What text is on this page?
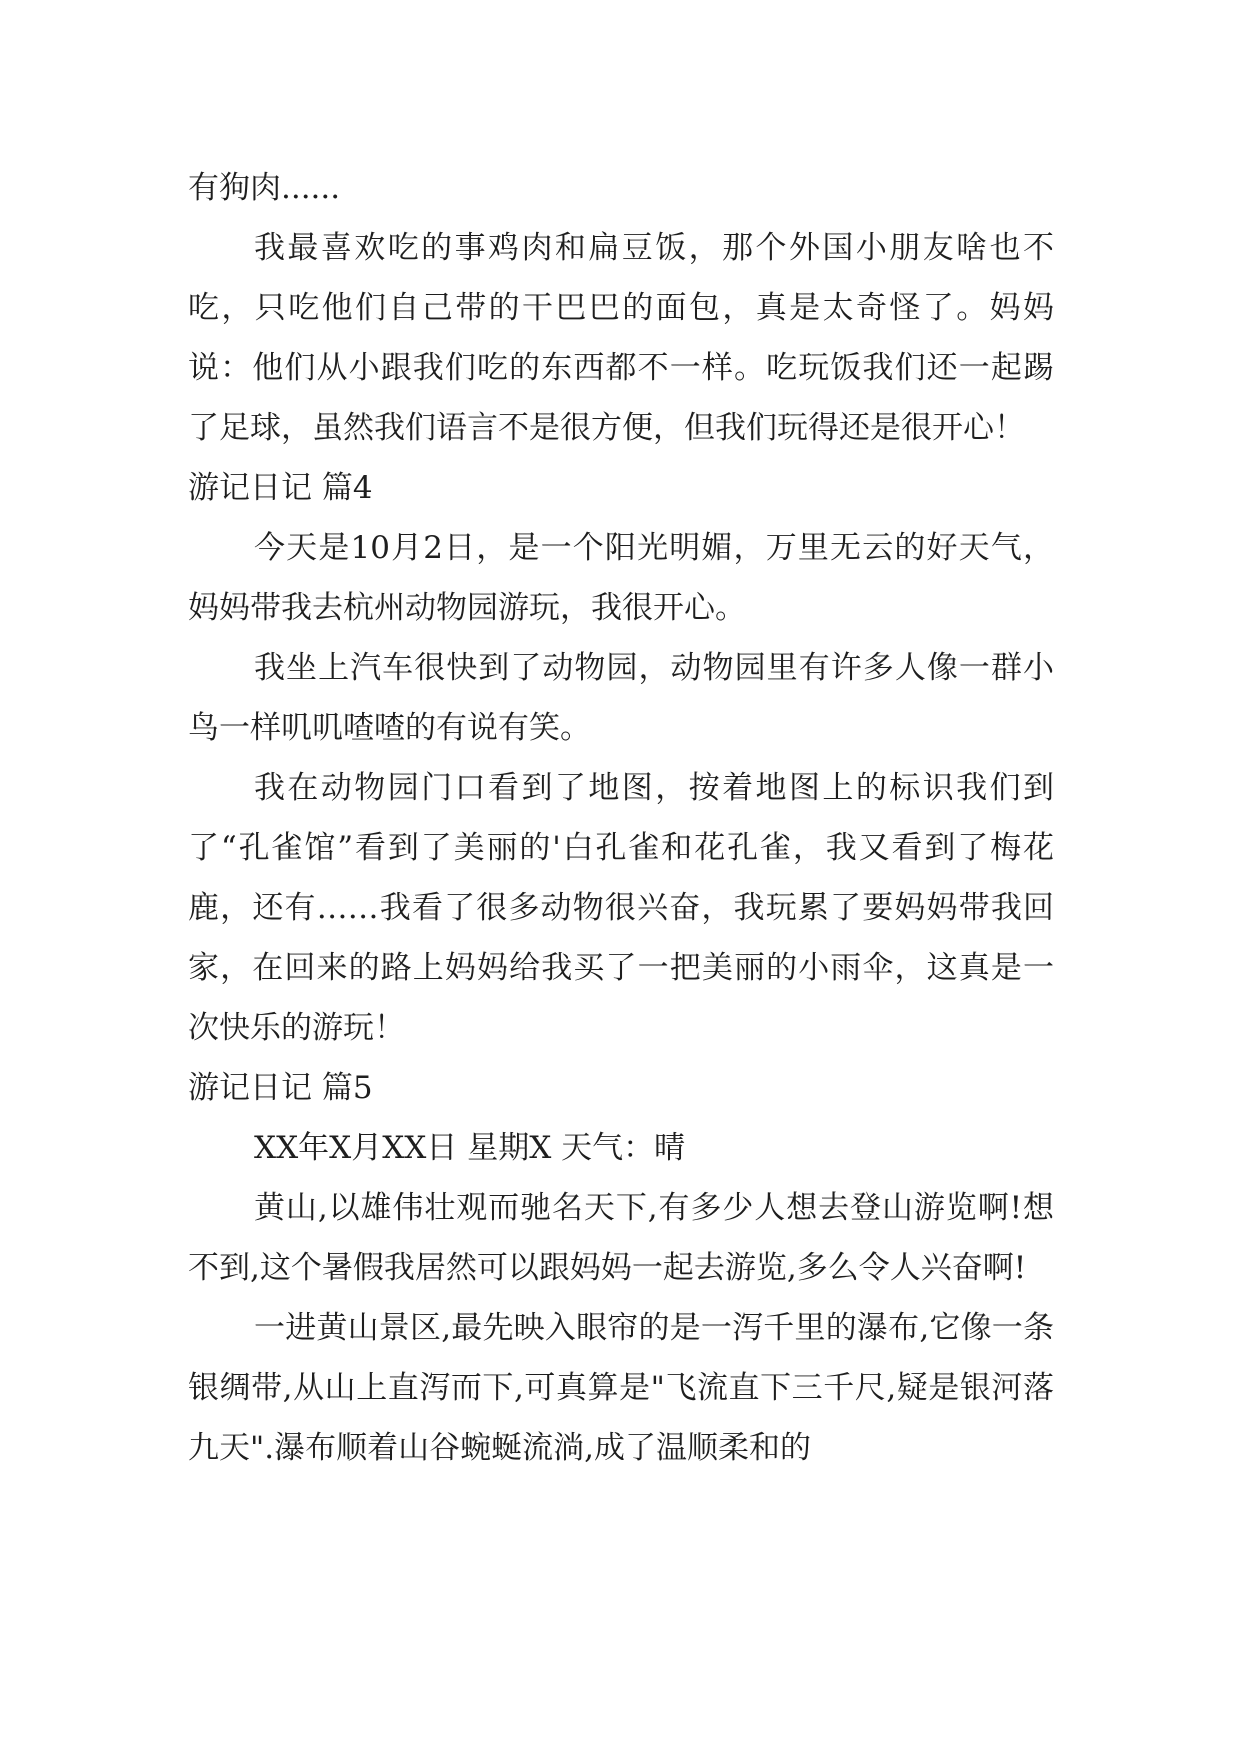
有狗肉......

我最喜欢吃的事鸡肉和扁豆饭，那个外国小朋友啥也不吃，只吃他们自己带的干巴巴的面包，真是太奇怪了。妈妈说：他们从小跟我们吃的东西都不一样。吃玩饭我们还一起踢了足球，虽然我们语言不是很方便，但我们玩得还是很开心！

游记日记 篇4

今天是10月2日，是一个阳光明媚，万里无云的好天气，妈妈带我去杭州动物园游玩，我很开心。

我坐上汽车很快到了动物园，动物园里有许多人像一群小鸟一样叽叽喳喳的有说有笑。

我在动物园门口看到了地图，按着地图上的标识我们到了“孔雀馆”看到了美丽的'白孔雀和花孔雀，我又看到了梅花鹿，还有……我看了很多动物很兴奋，我玩累了要妈妈带我回家，在回来的路上妈妈给我买了一把美丽的小雨伞，这真是一次快乐的游玩！

游记日记 篇5

XX年X月XX日 星期X 天气：晴

黄山,以雄伟壮观而驰名天下,有多少人想去登山游览啊!想不到,这个暑假我居然可以跟妈妈一起去游览,多么令人兴奋啊!

一进黄山景区,最先映入眼帘的是一泻千里的瀑布,它像一条银绸带,从山上直泻而下,可真算是"飞流直下三千尺,疑是银河落九天".瀑布顺着山谷蜿蜒流淌,成了温顺柔和的
